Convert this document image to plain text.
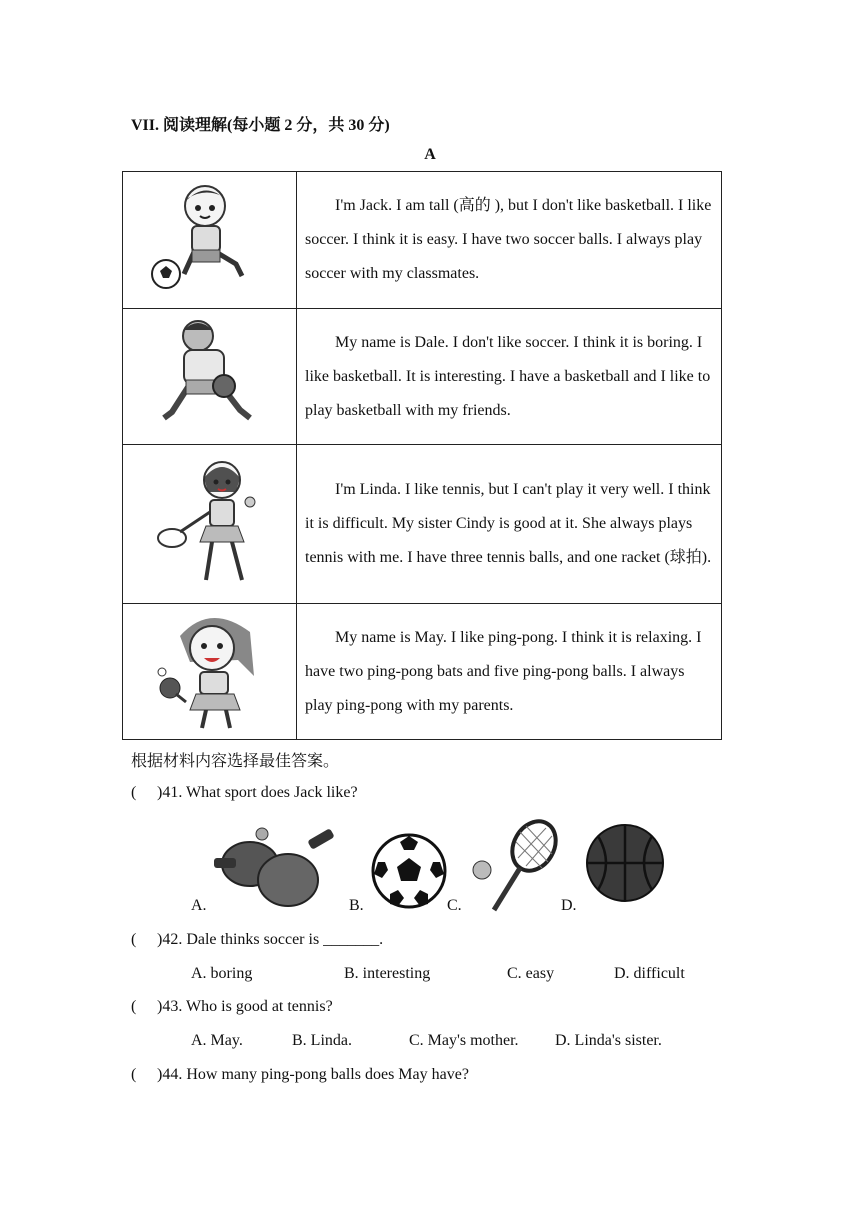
VII. 阅读理解(每小题 2 分，共 30 分)
A

I'm Jack. I am tall (高的 ), but I don't like basketball. I like soccer. I think it is easy. I have two soccer balls. I always play soccer with my classmates.

My name is Dale. I don't like soccer. I think it is boring. I like basketball. It is interesting. I have a basketball and I like to play basketball with my friends.

I'm Linda. I like tennis, but I can't play it very well. I think it is difficult. My sister Cindy is good at it. She always plays tennis with me. I have three tennis balls, and one racket (球拍).

My name is May. I like ping-pong. I think it is relaxing. I have two ping-pong bats and five ping-pong balls. I always play ping-pong with my parents.

根据材料内容选择最佳答案。
( )41. What sport does Jack like?
A.	B.	C.	D.
( )42. Dale thinks soccer is _______.
A. boring	B. interesting	C. easy	D. difficult
( )43. Who is good at tennis?
A. May.	B. Linda.	C. May's mother. D. Linda's sister.
( )44. How many ping-pong balls does May have?
